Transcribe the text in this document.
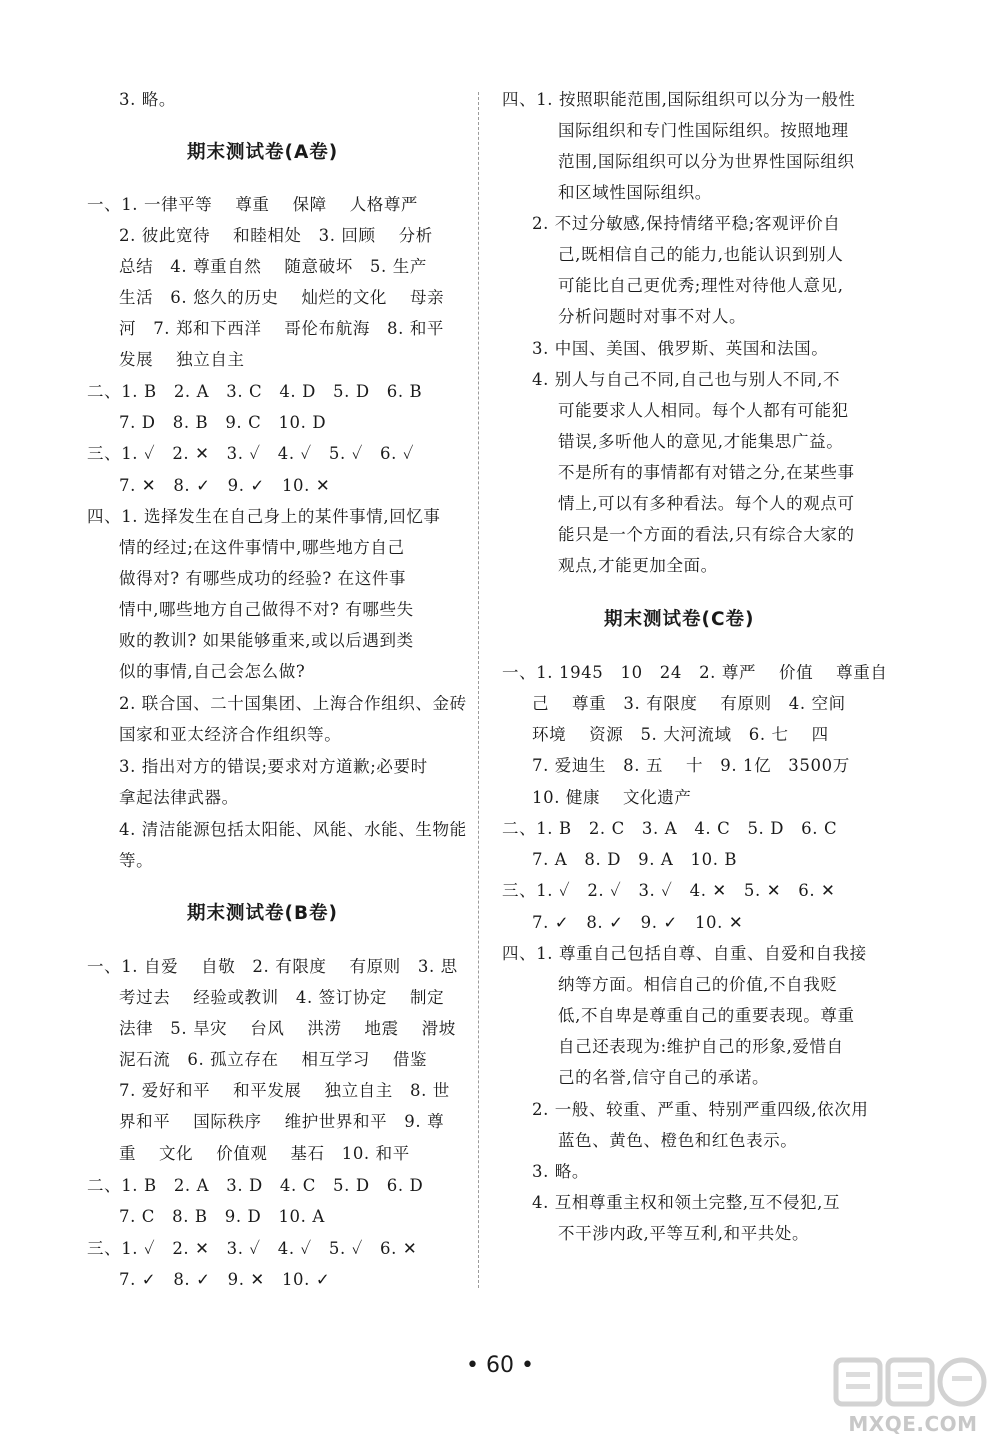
3. 略。
期末测试卷(A卷)
一、1. 一律平等　 尊重　 保障　 人格尊严
2. 彼此宽待　 和睦相处　3. 回顾　 分析
总结　4. 尊重自然　 随意破坏　5. 生产
生活　6. 悠久的历史　 灿烂的文化　 母亲
河　7. 郑和下西洋　 哥伦布航海　8. 和平
发展　 独立自主
二、1. B　2. A　3. C　4. D　5. D　6. B
7. D　8. B　9. C　10. D
三、1. ✓　2. ✕　3. ✓　4. ✓　5. ✓　6. ✓
7. ✕　8. ✓　9. ✓　10. ✕
四、1. 选择发生在自己身上的某件事情,回忆事
情的经过;在这件事情中,哪些地方自己
做得对? 有哪些成功的经验? 在这件事
情中,哪些地方自己做得不对? 有哪些失
败的教训? 如果能够重来,或以后遇到类
似的事情,自己会怎么做?
2. 联合国、二十国集团、上海合作组织、金砖
国家和亚太经济合作组织等。
3. 指出对方的错误;要求对方道歉;必要时
拿起法律武器。
4. 清洁能源包括太阳能、风能、水能、生物能
等。
期末测试卷(B卷)
一、1. 自爱　 自敬　2. 有限度　 有原则　3. 思
考过去　 经验或教训　4. 签订协定　 制定
法律　5. 旱灾　 台风　 洪涝　 地震　 滑坡
泥石流　6. 孤立存在　 相互学习　 借鉴
7. 爱好和平　 和平发展　 独立自主　8. 世
界和平　 国际秩序　 维护世界和平　9. 尊
重　 文化　 价值观　 基石　10. 和平
二、1. B　2. A　3. D　4. C　5. D　6. D
7. C　8. B　9. D　10. A
三、1. ✓　2. ✕　3. ✓　4. ✓　5. ✓　6. ✕
7. ✓　8. ✓　9. ✕　10. ✓
四、1. 按照职能范围,国际组织可以分为一般性
国际组织和专门性国际组织。按照地理
范围,国际组织可以分为世界性国际组织
和区域性国际组织。
2. 不过分敏感,保持情绪平稳;客观评价自
己,既相信自己的能力,也能认识到别人
可能比自己更优秀;理性对待他人意见,
分析问题时对事不对人。
3. 中国、美国、俄罗斯、英国和法国。
4. 别人与自己不同,自己也与别人不同,不
可能要求人人相同。每个人都有可能犯
错误,多听他人的意见,才能集思广益。
不是所有的事情都有对错之分,在某些事
情上,可以有多种看法。每个人的观点可
能只是一个方面的看法,只有综合大家的
观点,才能更加全面。
期末测试卷(C卷)
一、1. 1945　10　24　2. 尊严　 价值　 尊重自
己　 尊重　3. 有限度　 有原则　4. 空间
环境　 资源　5. 大河流域　6. 七　 四
7. 爱迪生　8. 五　 十　9. 1亿　3500万
10. 健康　 文化遗产
二、1. B　2. C　3. A　4. C　5. D　6. C
7. A　8. D　9. A　10. B
三、1. ✓　2. ✓　3. ✓　4. ✕　5. ✕　6. ✕
7. ✓　8. ✓　9. ✓　10. ✕
四、1. 尊重自己包括自尊、自重、自爱和自我接
纳等方面。相信自己的价值,不自我贬
低,不自卑是尊重自己的重要表现。尊重
自己还表现为:维护自己的形象,爱惜自
己的名誉,信守自己的承诺。
2. 一般、较重、严重、特别严重四级,依次用
蓝色、黄色、橙色和红色表示。
3. 略。
4. 互相尊重主权和领土完整,互不侵犯,互
不干涉内政,平等互利,和平共处。
• 60 •
MXQE.COM
